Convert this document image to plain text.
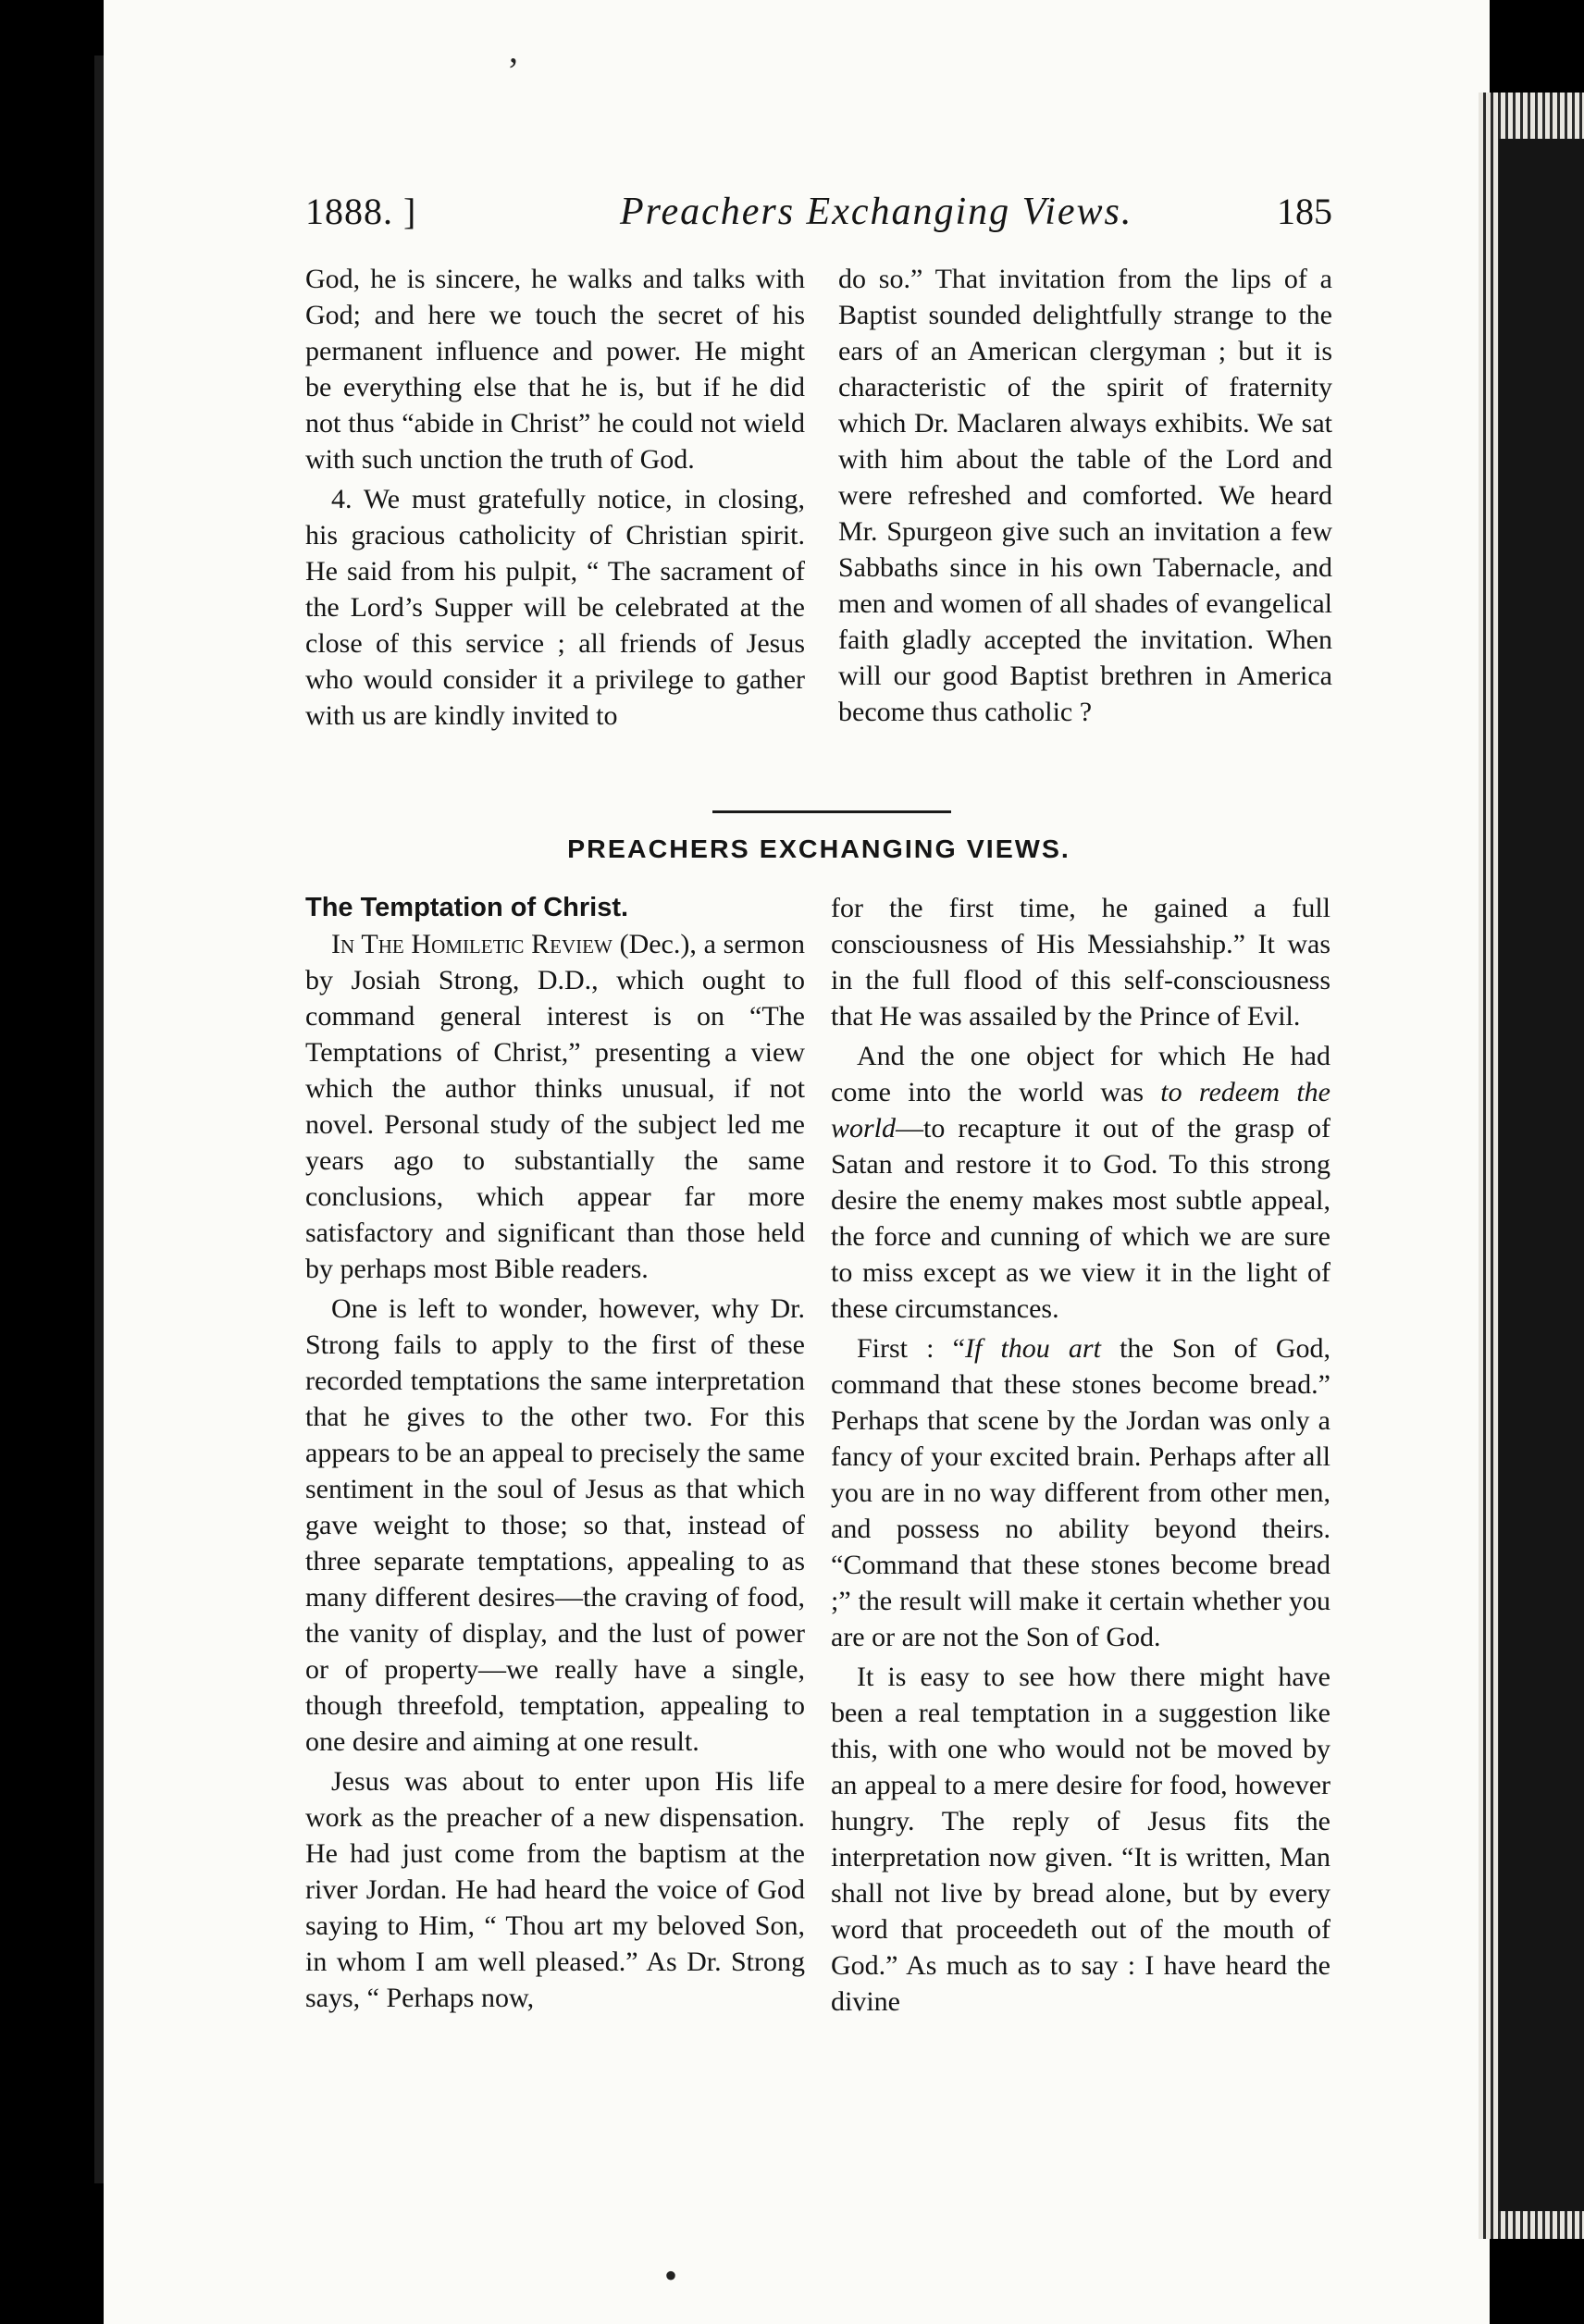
‚
•
1888. ]	Preachers Exchanging Views.	185

God, he is sincere, he walks and talks with God; and here we touch the secret of his permanent influence and power. He might be everything else that he is, but if he did not thus “abide in Christ” he could not wield with such unction the truth of God.

4. We must gratefully notice, in closing, his gracious catholicity of Christian spirit. He said from his pulpit, “ The sacrament of the Lord’s Supper will be celebrated at the close of this service ; all friends of Jesus who would consider it a privilege to gather with us are kindly invited to

do so.” That invitation from the lips of a Baptist sounded delightfully strange to the ears of an American clergyman ; but it is characteristic of the spirit of fraternity which Dr. Maclaren always exhibits. We sat with him about the table of the Lord and were refreshed and comforted. We heard Mr. Spurgeon give such an invitation a few Sabbaths since in his own Tabernacle, and men and women of all shades of evangelical faith gladly accepted the invitation. When will our good Baptist brethren in America become thus catholic ?

PREACHERS EXCHANGING VIEWS.

The Temptation of Christ.

In The Homiletic Review (Dec.), a sermon by Josiah Strong, D.D., which ought to command general interest is on “The Temptations of Christ,” presenting a view which the author thinks unusual, if not novel. Personal study of the subject led me years ago to substantially the same conclusions, which appear far more satisfactory and significant than those held by perhaps most Bible readers.

One is left to wonder, however, why Dr. Strong fails to apply to the first of these recorded temptations the same interpretation that he gives to the other two. For this appears to be an appeal to precisely the same sentiment in the soul of Jesus as that which gave weight to those; so that, instead of three separate temptations, appealing to as many different desires—the craving of food, the vanity of display, and the lust of power or of property—we really have a single, though threefold, temptation, appealing to one desire and aiming at one result.

Jesus was about to enter upon His life work as the preacher of a new dispensation. He had just come from the baptism at the river Jordan. He had heard the voice of God saying to Him, “ Thou art my beloved Son, in whom I am well pleased.” As Dr. Strong says, “ Perhaps now,

for the first time, he gained a full consciousness of His Messiahship.” It was in the full flood of this self-consciousness that He was assailed by the Prince of Evil.

And the one object for which He had come into the world was to redeem the world—to recapture it out of the grasp of Satan and restore it to God. To this strong desire the enemy makes most subtle appeal, the force and cunning of which we are sure to miss except as we view it in the light of these circumstances.

First : “If thou art the Son of God, command that these stones become bread.” Perhaps that scene by the Jordan was only a fancy of your excited brain. Perhaps after all you are in no way different from other men, and possess no ability beyond theirs. “Command that these stones become bread ;” the result will make it certain whether you are or are not the Son of God.

It is easy to see how there might have been a real temptation in a suggestion like this, with one who would not be moved by an appeal to a mere desire for food, however hungry. The reply of Jesus fits the interpretation now given. “It is written, Man shall not live by bread alone, but by every word that proceedeth out of the mouth of God.” As much as to say : I have heard the divine
